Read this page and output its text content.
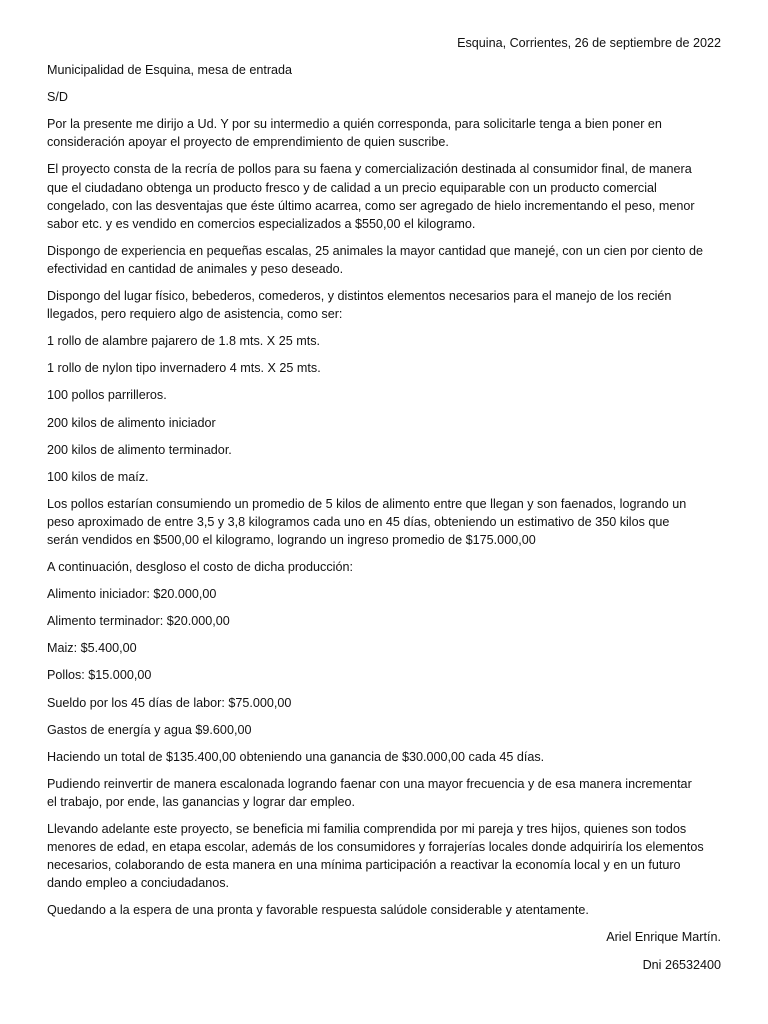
Esquina, Corrientes, 26 de septiembre de 2022
Municipalidad de Esquina, mesa de entrada
S/D
Por la presente me dirijo a Ud. Y por su intermedio a quién corresponda, para solicitarle tenga a bien poner en
consideración apoyar el proyecto de emprendimiento de quien suscribe.
El proyecto consta de la recría de pollos para su faena y comercialización destinada al consumidor final, de manera
que el ciudadano obtenga un producto fresco y de calidad a un precio equiparable con un producto comercial
congelado, con las desventajas que éste último acarrea, como ser agregado de hielo incrementando el peso, menor
sabor etc. y es vendido en comercios especializados a $550,00 el kilogramo.
Dispongo de experiencia en pequeñas escalas, 25 animales la mayor cantidad que manejé, con un cien por ciento de
efectividad en cantidad de animales y peso deseado.
Dispongo del lugar físico, bebederos, comederos, y distintos elementos necesarios para el manejo de los recién
llegados, pero requiero algo de asistencia, como ser:
1 rollo de alambre pajarero de 1.8 mts. X 25 mts.
1 rollo de nylon tipo invernadero 4 mts. X 25 mts.
100 pollos parrilleros.
200 kilos de alimento iniciador
200 kilos de alimento terminador.
100 kilos de maíz.
Los pollos estarían consumiendo un promedio de 5 kilos de alimento entre que llegan y son faenados, logrando un
peso aproximado de entre 3,5 y 3,8 kilogramos cada uno en 45 días, obteniendo un estimativo de 350 kilos que
serán vendidos en $500,00 el kilogramo, logrando un ingreso promedio de $175.000,00
A continuación, desgloso el costo de dicha producción:
Alimento iniciador: $20.000,00
Alimento terminador: $20.000,00
Maiz: $5.400,00
Pollos: $15.000,00
Sueldo por los 45 días de labor: $75.000,00
Gastos de energía y agua $9.600,00
Haciendo un total de $135.400,00 obteniendo una ganancia de $30.000,00 cada 45 días.
Pudiendo reinvertir de manera escalonada logrando faenar con una mayor frecuencia y de esa manera incrementar
el trabajo, por ende, las ganancias y lograr dar empleo.
Llevando adelante este proyecto, se beneficia mi familia comprendida por mi pareja y tres hijos, quienes son todos
menores de edad, en etapa escolar, además de los consumidores y forrajerías locales donde adquiriría los elementos
necesarios, colaborando de esta manera en una mínima participación a reactivar la economía local y en un futuro
dando empleo a conciudadanos.
Quedando a la espera de una pronta y favorable respuesta salúdole considerable y atentamente.
Ariel Enrique Martín.
Dni 26532400
